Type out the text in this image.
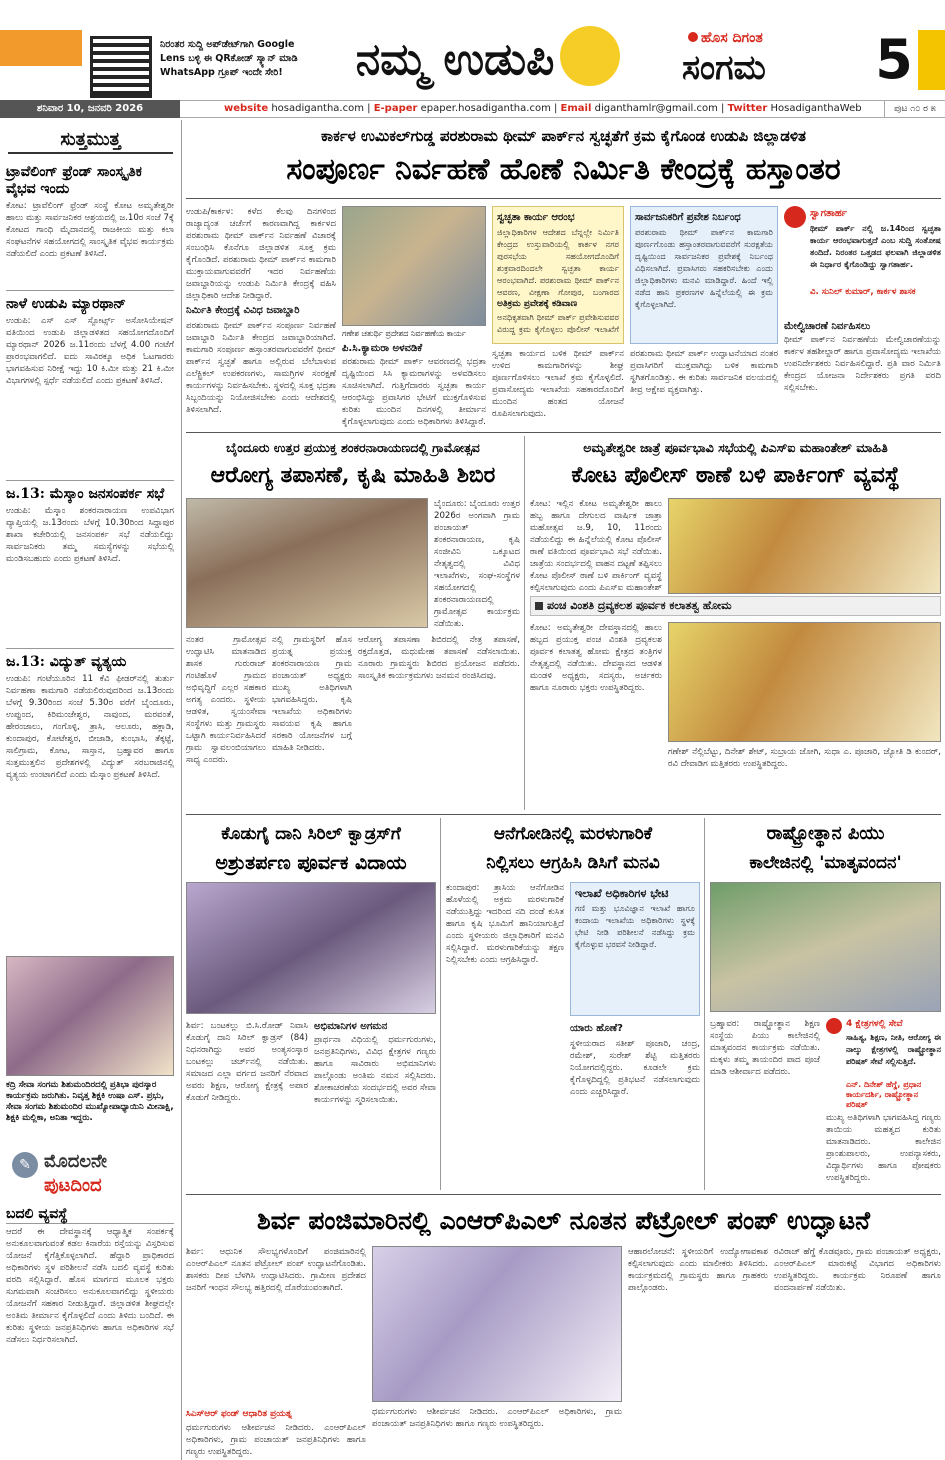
ನಿರಂತರ ಸುದ್ದಿ ಅಪ್‌ಡೇಟ್‌ಗಾಗಿ Google Lens ಬಳ್ಳಿ ಈ QRಕೋಡ್ ಸ್ಕ್ಯಾನ್ ಮಾಡಿ WhatsApp ಗ್ರೂಪ್ ಇಂದೇ ಸೇರಿ!	ನಮ್ಮ ಉಡುಪಿ	ಹೊಸ ದಿಗಂತ
ಸಂಗಮ 5
ಶನಿವಾರ 10, ಜನವರಿ 2026	website hosadigantha.com | E-paper epaper.hosadigantha.com | Email diganthamlr@gmail.com | Twitter HosadiganthaWeb	ಪುಟ ೧೦ ರ ೫
ಸುತ್ತಮುತ್ತ
ಟ್ರಾವೆಲಿಂಗ್ ಫ್ರೆಂಡ್ ಸಾಂಸ್ಕೃತಿಕ ವೈಭವ ಇಂದು
ಕೋಟ: ಟ್ರಾವೆಲಿಂಗ್ ಫ್ರೆಂಡ್ ಸಂಸ್ಥೆ ಕೋಟ ಅಮೃತೇಶ್ವರೀ ಹಾಲು ಮತ್ತು ಸಾರ್ವಜನಿಕರ ಆಶ್ರಯದಲ್ಲಿ ಜ.10ರ ಸಂಜೆ 7ಕ್ಕೆ ಕೋಟದ ಗಾಂಧಿ ಮೈದಾನದಲ್ಲಿ ರಾಜಕೀಯ ಮತ್ತು ಕಲಾ ಸಂಘಟನೆಗಳ ಸಹಯೋಗದಲ್ಲಿ ಸಾಂಸ್ಕೃತಿಕ ವೈಭವ ಕಾರ್ಯಕ್ರಮ ನಡೆಯಲಿದೆ ಎಂದು ಪ್ರಕಟಣೆ ತಿಳಿಸಿದೆ.
ನಾಳೆ ಉಡುಪಿ ಮ್ಯಾರಥಾನ್
ಉಡುಪಿ: ಎಸ್ ಎಸ್ ಸ್ಪೋರ್ಟ್ಸ್ ಅಸೋಸಿಯೇಷನ್ ವತಿಯಿಂದ ಉಡುಪಿ ಜಿಲ್ಲಾಡಳಿತದ ಸಹಯೋಗದೊಂದಿಗೆ ಮ್ಯಾರಥಾನ್ 2026 ಜ.11ರಂದು ಬೆಳಗ್ಗೆ 4.00 ಗಂಟೆಗೆ ಪ್ರಾರಂಭವಾಗಲಿದೆ. ಐದು ಸಾವಿರಕ್ಕೂ ಅಧಿಕ ಓಟಗಾರರು ಭಾಗವಹಿಸುವ ನಿರೀಕ್ಷೆ ಇದ್ದು 10 ಕಿ.ಮೀ ಮತ್ತು 21 ಕಿ.ಮೀ ವಿಭಾಗಗಳಲ್ಲಿ ಸ್ಪರ್ಧೆ ನಡೆಯಲಿದೆ ಎಂದು ಪ್ರಕಟಣೆ ತಿಳಿಸಿದೆ.
ಜ.13: ಮೆಸ್ಕಾಂ ಜನಸಂಪರ್ಕ ಸಭೆ
ಉಡುಪಿ: ಮೆಸ್ಕಾಂ ಶಂಕರನಾರಾಯಣ ಉಪವಿಭಾಗ ವ್ಯಾಪ್ತಿಯಲ್ಲಿ ಜ.13ರಂದು ಬೆಳಗ್ಗೆ 10.30ರಿಂದ ಸಿದ್ದಾಪುರ ಶಾಖಾ ಕಚೇರಿಯಲ್ಲಿ ಜನಸಂಪರ್ಕ ಸಭೆ ನಡೆಯಲಿದ್ದು ಸಾರ್ವಜನಿಕರು ತಮ್ಮ ಸಮಸ್ಯೆಗಳನ್ನು ಸಭೆಯಲ್ಲಿ ಮಂಡಿಸಬಹುದು ಎಂದು ಪ್ರಕಟಣೆ ತಿಳಿಸಿದೆ.
ಜ.13: ವಿದ್ಯುತ್ ವ್ಯತ್ಯಯ
ಉಡುಪಿ: ಗಂಟೆಯೂರಿನ 11 ಕೆವಿ ಫೀಡರ್‌ನಲ್ಲಿ ತುರ್ತು ನಿರ್ವಹಣಾ ಕಾಮಗಾರಿ ನಡೆಯಲಿರುವುದರಿಂದ ಜ.13ರಂದು ಬೆಳಗ್ಗೆ 9.30ರಿಂದ ಸಂಜೆ 5.30ರ ವರೆಗೆ ಬೈಂದೂರು, ಉಪ್ಪುಂದ, ಕಿರಿಮಂಜೇಶ್ವರ, ನಾವುಂದ, ಮರವಂತೆ, ಹೇರಂಜಾಲು, ಗಂಗೊಳ್ಳಿ, ತ್ರಾಸಿ, ಆಲೂರು, ಹಕ್ಲಾಡಿ, ಕುಂದಾಪುರ, ಕೋಟೇಶ್ವರ, ಬೀಜಾಡಿ, ಕುಂಭಾಸಿ, ತೆಕ್ಕಟ್ಟೆ, ಸಾಲಿಗ್ರಾಮ, ಕೋಟ, ಸಾಸ್ತಾನ, ಬ್ರಹ್ಮಾವರ ಹಾಗೂ ಸುತ್ತಮುತ್ತಲಿನ ಪ್ರದೇಶಗಳಲ್ಲಿ ವಿದ್ಯುತ್ ಸರಬರಾಜಿನಲ್ಲಿ ವ್ಯತ್ಯಯ ಉಂಟಾಗಲಿದೆ ಎಂದು ಮೆಸ್ಕಾಂ ಪ್ರಕಟಣೆ ತಿಳಿಸಿದೆ.
ಕದ್ರಿ ಸೇವಾ ಸಂಗಮ ಶಿಶುಮಂದಿರದಲ್ಲಿ ಪ್ರತಿಭಾ ಪುರಸ್ಕಾರ ಕಾರ್ಯಕ್ರಮ ಜರುಗಿತು. ನಿವೃತ್ತ ಶಿಕ್ಷಕಿ ಉಷಾ ಎಸ್. ಪ್ರಭು, ಸೇವಾ ಸಂಗಮ ಶಿಶುಮಂದಿರ ಮುಖ್ಯೋಪಾಧ್ಯಾಯಿನಿ ಮೀನಾಕ್ಷಿ, ಶಿಕ್ಷಕಿ ಮಲ್ಲಿಕಾ, ಅನಿತಾ ಇದ್ದರು.
✎ ಮೊದಲನೇ
ಪುಟದಿಂದ
ಬದಲಿ ವ್ಯವಸ್ಥೆ
ಆದರೆ ಈ ದೇವಸ್ಥಾನಕ್ಕೆ ಆಧ್ಯಾತ್ಮಿಕ ಸಂಪರ್ಕಕ್ಕೆ ಅನುಕೂಲವಾಗುವಂತೆ ಕಡಲ ಕಿನಾರೆಯ ರಸ್ತೆಯನ್ನು ವಿಸ್ತರಿಸುವ ಯೋಜನೆ ಕೈಗೆತ್ತಿಕೊಳ್ಳಲಾಗಿದೆ. ಹೆದ್ದಾರಿ ಪ್ರಾಧಿಕಾರದ ಅಧಿಕಾರಿಗಳು ಸ್ಥಳ ಪರಿಶೀಲನೆ ನಡೆಸಿ ಬದಲಿ ವ್ಯವಸ್ಥೆ ಕುರಿತು ವರದಿ ಸಲ್ಲಿಸಿದ್ದಾರೆ. ಹೊಸ ಮಾರ್ಗದ ಮೂಲಕ ಭಕ್ತರು ಸುಗಮವಾಗಿ ಸಂಚರಿಸಲು ಅನುಕೂಲವಾಗಲಿದ್ದು ಸ್ಥಳೀಯರು ಯೋಜನೆಗೆ ಸಹಕಾರ ನೀಡುತ್ತಿದ್ದಾರೆ. ಜಿಲ್ಲಾಡಳಿತ ಶೀಘ್ರದಲ್ಲೇ ಅಂತಿಮ ತೀರ್ಮಾನ ಕೈಗೊಳ್ಳಲಿದೆ ಎಂದು ತಿಳಿದು ಬಂದಿದೆ. ಈ ಕುರಿತು ಸ್ಥಳೀಯ ಜನಪ್ರತಿನಿಧಿಗಳು ಹಾಗೂ ಅಧಿಕಾರಿಗಳ ಸಭೆ ನಡೆಸಲು ನಿರ್ಧರಿಸಲಾಗಿದೆ.
ಕಾರ್ಕಳ ಉಮಿಕಲ್‌ಗುಡ್ಡ ಪರಶುರಾಮ ಥೀಮ್ ಪಾರ್ಕ್‌ನ ಸ್ವಚ್ಛತೆಗೆ ಕ್ರಮ ಕೈಗೊಂಡ ಉಡುಪಿ ಜಿಲ್ಲಾಡಳಿತ
ಸಂಪೂರ್ಣ ನಿರ್ವಹಣೆ ಹೊಣೆ ನಿರ್ಮಿತಿ ಕೇಂದ್ರಕ್ಕೆ ಹಸ್ತಾಂತರ
ಉಡುಪಿ/ಕಾರ್ಕಳ: ಕಳೆದ ಕೆಲವು ದಿನಗಳಿಂದ ರಾಜ್ಯಾದ್ಯಂತ ಚರ್ಚೆಗೆ ಕಾರಣವಾಗಿದ್ದ ಕಾರ್ಕಳದ ಪರಶುರಾಮ ಥೀಮ್ ಪಾರ್ಕ್‌ನ ನಿರ್ವಹಣೆ ವಿಚಾರಕ್ಕೆ ಸಂಬಂಧಿಸಿ ಕೊನೆಗೂ ಜಿಲ್ಲಾಡಳಿತ ಸೂಕ್ತ ಕ್ರಮ ಕೈಗೊಂಡಿದೆ. ಪರಶುರಾಮ ಥೀಮ್ ಪಾರ್ಕ್‌ನ ಕಾಮಗಾರಿ ಮುಕ್ತಾಯವಾಗುವವರೆಗೆ ಇದರ ನಿರ್ವಹಣೆಯ ಜವಾಬ್ದಾರಿಯನ್ನು ಉಡುಪಿ ನಿರ್ಮಿತಿ ಕೇಂದ್ರಕ್ಕೆ ವಹಿಸಿ ಜಿಲ್ಲಾಧಿಕಾರಿ ಆದೇಶ ನೀಡಿದ್ದಾರೆ.
ನಿರ್ಮಿತಿ ಕೇಂದ್ರಕ್ಕೆ ವಿವಿಧ ಜವಾಬ್ದಾರಿ
ಪರಶುರಾಮ ಥೀಮ್ ಪಾರ್ಕ್‌ನ ಸಂಪೂರ್ಣ ನಿರ್ವಹಣೆ ಜವಾಬ್ದಾರಿ ನಿರ್ಮಿತಿ ಕೇಂದ್ರದ ಜವಾಬ್ದಾರಿಯಾಗಿದೆ. ಕಾಮಗಾರಿ ಸಂಪೂರ್ಣ ಹಸ್ತಾಂತರವಾಗುವವರೆಗೆ ಥೀಮ್ ಪಾರ್ಕ್‌ನ ಸ್ವಚ್ಛತೆ ಹಾಗೂ ಅಲ್ಲಿರುವ ಬೆಲೆಬಾಳುವ ಎಲೆಕ್ಟ್ರಿಕಲ್ ಉಪಕರಣಗಳು, ಸಾಮಗ್ರಿಗಳ ಸಂರಕ್ಷಣೆ ಕಾರ್ಯಗಳನ್ನು ನಿರ್ವಹಿಸಬೇಕು. ಸ್ಥಳದಲ್ಲಿ ಸೂಕ್ತ ಭದ್ರತಾ ಸಿಬ್ಬಂದಿಯನ್ನು ನಿಯೋಜಿಸಬೇಕು ಎಂದು ಆದೇಶದಲ್ಲಿ ತಿಳಿಸಲಾಗಿದೆ.
ಗಣೇಶ ಚತುರ್ಥಿ ಪ್ರದೇಶದ ನಿರ್ವಹಣೆಯ ಕಾರ್ಯ
ಪಿ.ಸಿ.ಕ್ಯಾಮರಾ ಅಳವಡಿಕೆ
ಪರಶುರಾಮ ಥೀಮ್ ಪಾರ್ಕ್ ಆವರಣದಲ್ಲಿ ಭದ್ರತಾ ದೃಷ್ಟಿಯಿಂದ ಸಿಸಿ ಕ್ಯಾಮರಾಗಳನ್ನು ಅಳವಡಿಸಲು ಸೂಚಿಸಲಾಗಿದೆ. ಗುತ್ತಿಗೆದಾರರು ಸ್ವಚ್ಛತಾ ಕಾರ್ಯ ಆರಂಭಿಸಿದ್ದು ಪ್ರವಾಸಿಗರ ಭೇಟಿಗೆ ಮುಕ್ತಗೊಳಿಸುವ ಕುರಿತು ಮುಂದಿನ ದಿನಗಳಲ್ಲಿ ತೀರ್ಮಾನ ಕೈಗೊಳ್ಳಲಾಗುವುದು ಎಂದು ಅಧಿಕಾರಿಗಳು ತಿಳಿಸಿದ್ದಾರೆ.
ಸ್ವಚ್ಛತಾ ಕಾರ್ಯ ಆರಂಭ
ಜಿಲ್ಲಾಧಿಕಾರಿಗಳ ಆದೇಶದ ಬೆನ್ನಲ್ಲೇ ನಿರ್ಮಿತಿ ಕೇಂದ್ರದ ಉಸ್ತುವಾರಿಯಲ್ಲಿ ಕಾರ್ಕಳ ನಗರ ಪುರಸಭೆಯ ಸಹಯೋಗದೊಂದಿಗೆ ಶುಕ್ರವಾರದಿಂದಲೇ ಸ್ವಚ್ಛತಾ ಕಾರ್ಯ ಆರಂಭವಾಗಿದೆ. ಪರಶುರಾಮ ಥೀಮ್ ಪಾರ್ಕ್‌ನ ಆವರಣ, ವೀಕ್ಷಣಾ ಗೋಪುರ, ಬಂಗಾರದ
ಅತಿಕ್ರಮ ಪ್ರವೇಶಕ್ಕೆ ಕಡಿವಾಣ
ಅನಧಿಕೃತವಾಗಿ ಥೀಮ್ ಪಾರ್ಕ್ ಪ್ರವೇಶಿಸುವವರ ವಿರುದ್ಧ ಕ್ರಮ ಕೈಗೊಳ್ಳಲು ಪೊಲೀಸ್ ಇಲಾಖೆಗೆ
ಸ್ವಚ್ಛತಾ ಕಾರ್ಯದ ಬಳಿಕ ಥೀಮ್ ಪಾರ್ಕ್‌ನ ಉಳಿದ ಕಾಮಗಾರಿಗಳನ್ನು ಶೀಘ್ರ ಪೂರ್ಣಗೊಳಿಸಲು ಇಲಾಖೆ ಕ್ರಮ ಕೈಗೊಳ್ಳಲಿದೆ. ಪ್ರವಾಸೋದ್ಯಮ ಇಲಾಖೆಯ ಸಹಕಾರದೊಂದಿಗೆ ಮುಂದಿನ ಹಂತದ ಯೋಜನೆ ರೂಪಿಸಲಾಗುವುದು.
ಸಾರ್ವಜನಿಕರಿಗೆ ಪ್ರವೇಶ ನಿರ್ಬಂಧ
ಪರಶುರಾಮ ಥೀಮ್ ಪಾರ್ಕ್‌ನ ಕಾಮಗಾರಿ ಪೂರ್ಣಗೊಂಡು ಹಸ್ತಾಂತರವಾಗುವವರೆಗೆ ಸುರಕ್ಷತೆಯ ದೃಷ್ಟಿಯಿಂದ ಸಾರ್ವಜನಿಕರ ಪ್ರವೇಶಕ್ಕೆ ನಿರ್ಬಂಧ ವಿಧಿಸಲಾಗಿದೆ. ಪ್ರವಾಸಿಗರು ಸಹಕರಿಸಬೇಕು ಎಂದು ಜಿಲ್ಲಾಧಿಕಾರಿಗಳು ಮನವಿ ಮಾಡಿದ್ದಾರೆ. ಹಿಂದೆ ಇಲ್ಲಿ ನಡೆದ ಹಾನಿ ಪ್ರಕರಣಗಳ ಹಿನ್ನೆಲೆಯಲ್ಲಿ ಈ ಕ್ರಮ ಕೈಗೊಳ್ಳಲಾಗಿದೆ.
ಪರಶುರಾಮ ಥೀಮ್ ಪಾರ್ಕ್ ಉದ್ಘಾಟನೆಯಾದ ನಂತರ ಪ್ರವಾಸಿಗರಿಗೆ ಮುಕ್ತವಾಗಿದ್ದು ಬಳಿಕ ಕಾಮಗಾರಿ ಸ್ಥಗಿತಗೊಂಡಿತ್ತು. ಈ ಕುರಿತು ಸಾರ್ವಜನಿಕ ವಲಯದಲ್ಲಿ ತೀವ್ರ ಆಕ್ಷೇಪ ವ್ಯಕ್ತವಾಗಿತ್ತು.
ಸ್ವಾಗತಾರ್ಹ
ಥೀಮ್ ಪಾರ್ಕ್ ನಲ್ಲಿ ಜ.14ರಿಂದ ಸ್ವಚ್ಛತಾ ಕಾರ್ಯ ಆರಂಭವಾಗುತ್ತದೆ ಎಂಬ ಸುದ್ದಿ ಸಂತೋಷ ತಂದಿದೆ. ನಿರಂತರ ಒತ್ತಡದ ಫಲವಾಗಿ ಜಿಲ್ಲಾಡಳಿತ ಈ ನಿರ್ಧಾರ ಕೈಗೊಂಡಿದ್ದು ಸ್ವಾಗತಾರ್ಹ.
ವಿ. ಸುನಿಲ್ ಕುಮಾರ್, ಕಾರ್ಕಳ ಶಾಸಕ
ಮೇಲ್ವಿಚಾರಣೆ ನಿರ್ವಹಿಸಲು
ಥೀಮ್ ಪಾರ್ಕ್‌ನ ನಿರ್ವಹಣೆಯ ಮೇಲ್ವಿಚಾರಣೆಯನ್ನು ಕಾರ್ಕಳ ತಹಶೀಲ್ದಾರ್ ಹಾಗೂ ಪ್ರವಾಸೋದ್ಯಮ ಇಲಾಖೆಯ ಉಪನಿರ್ದೇಶಕರು ನಿರ್ವಹಿಸಲಿದ್ದಾರೆ. ಪ್ರತಿ ವಾರ ನಿರ್ಮಿತಿ ಕೇಂದ್ರದ ಯೋಜನಾ ನಿರ್ದೇಶಕರು ಪ್ರಗತಿ ವರದಿ ಸಲ್ಲಿಸಬೇಕು.
ಬೈಂದೂರು ಉತ್ತರ ಪ್ರಯುಕ್ತ ಶಂಕರನಾರಾಯಣದಲ್ಲಿ ಗ್ರಾಮೋತ್ಸವ
ಆರೋಗ್ಯ ತಪಾಸಣೆ, ಕೃಷಿ ಮಾಹಿತಿ ಶಿಬಿರ
ಬೈಂದೂರು: ಬೈಂದೂರು ಉತ್ತರ 2026ರ ಅಂಗವಾಗಿ ಗ್ರಾಮ ಪಂಚಾಯತ್ ಶಂಕರನಾರಾಯಣ, ಕೃಷಿ ಸಂಜೀವಿನಿ ಒಕ್ಕೂಟದ ನೇತೃತ್ವದಲ್ಲಿ ವಿವಿಧ ಇಲಾಖೆಗಳು, ಸಂಘ-ಸಂಸ್ಥೆಗಳ ಸಹಯೋಗದಲ್ಲಿ ಶಂಕರನಾರಾಯಣದಲ್ಲಿ ಗ್ರಾಮೋತ್ಸವ ಕಾರ್ಯಕ್ರಮ ನಡೆಯಿತು.
ನಂತರ ಗ್ರಾಮೋತ್ಸವ ಉದ್ಘಾಟಿಸಿ ಮಾತನಾಡಿದ ಶಾಸಕ ಗುರುರಾಜ್ ಗಂಟಿಹೊಳೆ ಗ್ರಾಮದ ಅಭಿವೃದ್ಧಿಗೆ ಎಲ್ಲರ ಸಹಕಾರ ಅಗತ್ಯ ಎಂದರು. ಸ್ಥಳೀಯ ಆಡಳಿತ, ಸ್ವಯಂಸೇವಾ ಸಂಸ್ಥೆಗಳು ಮತ್ತು ಗ್ರಾಮಸ್ಥರು ಒಟ್ಟಾಗಿ ಕಾರ್ಯನಿರ್ವಹಿಸಿದರೆ ಗ್ರಾಮ ಸ್ವಾವಲಂಬಿಯಾಗಲು ಸಾಧ್ಯ ಎಂದರು.
ನಲ್ಲಿ ಗ್ರಾಮಸ್ಥರಿಗೆ ಹೊಸ ಪ್ರಯತ್ನ ಪ್ರಯುಕ್ತ ಶಂಕರನಾರಾಯಣ ಗ್ರಾಮ ಪಂಚಾಯತ್ ಅಧ್ಯಕ್ಷರು ಮುಖ್ಯ ಅತಿಥಿಗಳಾಗಿ ಭಾಗವಹಿಸಿದ್ದರು. ಕೃಷಿ ಇಲಾಖೆಯ ಅಧಿಕಾರಿಗಳು ಸಾವಯವ ಕೃಷಿ ಹಾಗೂ ಸರಕಾರಿ ಯೋಜನೆಗಳ ಬಗ್ಗೆ ಮಾಹಿತಿ ನೀಡಿದರು.
ಆರೋಗ್ಯ ತಪಾಸಣಾ ಶಿಬಿರದಲ್ಲಿ ನೇತ್ರ ತಪಾಸಣೆ, ರಕ್ತದೊತ್ತಡ, ಮಧುಮೇಹ ತಪಾಸಣೆ ನಡೆಸಲಾಯಿತು. ನೂರಾರು ಗ್ರಾಮಸ್ಥರು ಶಿಬಿರದ ಪ್ರಯೋಜನ ಪಡೆದರು. ಸಾಂಸ್ಕೃತಿಕ ಕಾರ್ಯಕ್ರಮಗಳು ಜನಮನ ರಂಜಿಸಿದವು.
ಅಮೃತೇಶ್ವರೀ ಜಾತ್ರೆ ಪೂರ್ವಭಾವಿ ಸಭೆಯಲ್ಲಿ ಪಿಎಸ್‌ಐ ಮಹಾಂತೇಶ್ ಮಾಹಿತಿ
ಕೋಟ ಪೊಲೀಸ್ ಠಾಣೆ ಬಳಿ ಪಾರ್ಕಿಂಗ್ ವ್ಯವಸ್ಥೆ
ಕೋಟ: ಇಲ್ಲಿನ ಕೋಟ ಅಮೃತೇಶ್ವರೀ ಹಾಲು ಹಬ್ಬ ಹಾಗೂ ದೇಗುಲದ ವಾರ್ಷಿಕ ಜಾತ್ರಾ ಮಹೋತ್ಸವ ಜ.9, 10, 11ರಂದು ನಡೆಯಲಿದ್ದು ಈ ಹಿನ್ನೆಲೆಯಲ್ಲಿ ಕೋಟ ಪೊಲೀಸ್ ಠಾಣೆ ವತಿಯಿಂದ ಪೂರ್ವಭಾವಿ ಸಭೆ ನಡೆಯಿತು. ಜಾತ್ರೆಯ ಸಂದರ್ಭದಲ್ಲಿ ವಾಹನ ದಟ್ಟಣೆ ತಪ್ಪಿಸಲು ಕೋಟ ಪೊಲೀಸ್ ಠಾಣೆ ಬಳಿ ಪಾರ್ಕಿಂಗ್ ವ್ಯವಸ್ಥೆ ಕಲ್ಪಿಸಲಾಗುವುದು ಎಂದು ಪಿಎಸ್‌ಐ ಮಹಾಂತೇಶ್
ಪಂಚ ವಿಂಶತಿ ದ್ರವ್ಯಕಲಶ ಪೂರ್ವಕ ಕಲಾತತ್ವ ಹೋಮ
ಕೋಟ: ಅಮೃತೇಶ್ವರೀ ದೇವಸ್ಥಾನದಲ್ಲಿ ಹಾಲು ಹಬ್ಬದ ಪ್ರಯುಕ್ತ ಪಂಚ ವಿಂಶತಿ ದ್ರವ್ಯಕಲಶ ಪೂರ್ವಕ ಕಲಾತತ್ವ ಹೋಮ ಕ್ಷೇತ್ರದ ತಂತ್ರಿಗಳ ನೇತೃತ್ವದಲ್ಲಿ ನಡೆಯಿತು. ದೇವಸ್ಥಾನದ ಆಡಳಿತ ಮಂಡಳಿ ಅಧ್ಯಕ್ಷರು, ಸದಸ್ಯರು, ಅರ್ಚಕರು ಹಾಗೂ ನೂರಾರು ಭಕ್ತರು ಉಪಸ್ಥಿತರಿದ್ದರು.
ಗಣೇಶ್ ನೆಲ್ಲಿಬೆಟ್ಟು, ದಿನೇಶ್ ಶೇಟ್, ಸುಬ್ರಾಯ ಜೋಗಿ, ಸುಧಾ ಎ. ಪೂಜಾರಿ, ಜ್ಯೋತಿ ಡಿ ಕುಂದರ್, ರವಿ ದೇವಾಡಿಗ ಮತ್ತಿತರರು ಉಪಸ್ಥಿತರಿದ್ದರು.
ಕೊಡುಗೈ ದಾನಿ ಸಿರಿಲ್ ಕ್ವಾಡ್ರಸ್‌ಗೆ
ಅಶ್ರುತರ್ಪಣ ಪೂರ್ವಕ ವಿದಾಯ
ಶಿರ್ವ: ಬಂಟಕಲ್ಲು ಬಿ.ಸಿ.ರೋಡ್ ನಿವಾಸಿ ಕೊಡುಗೈ ದಾನಿ ಸಿರಿಲ್ ಕ್ವಾಡ್ರಸ್ (84) ನಿಧನರಾಗಿದ್ದು ಅವರ ಅಂತ್ಯಸಂಸ್ಕಾರ ಬಂಟಕಲ್ಲು ಚರ್ಚ್‌ನಲ್ಲಿ ನಡೆಯಿತು. ಸಮಾಜದ ಎಲ್ಲಾ ವರ್ಗದ ಜನರಿಗೆ ನೆರವಾದ ಅವರು ಶಿಕ್ಷಣ, ಆರೋಗ್ಯ ಕ್ಷೇತ್ರಕ್ಕೆ ಅಪಾರ ಕೊಡುಗೆ ನೀಡಿದ್ದರು.
ಅಭಿಮಾನಿಗಳ ಅಗಮನ
ಪ್ರಾರ್ಥನಾ ವಿಧಿಯಲ್ಲಿ ಧರ್ಮಗುರುಗಳು, ಜನಪ್ರತಿನಿಧಿಗಳು, ವಿವಿಧ ಕ್ಷೇತ್ರಗಳ ಗಣ್ಯರು ಹಾಗೂ ಸಾವಿರಾರು ಅಭಿಮಾನಿಗಳು ಪಾಲ್ಗೊಂಡು ಅಂತಿಮ ನಮನ ಸಲ್ಲಿಸಿದರು. ಶೋಕಾಚರಣೆಯ ಸಂದರ್ಭದಲ್ಲಿ ಅವರ ಸೇವಾ ಕಾರ್ಯಗಳನ್ನು ಸ್ಮರಿಸಲಾಯಿತು.
ಆನೆಗೋಡಿನಲ್ಲಿ ಮರಳುಗಾರಿಕೆ
ನಿಲ್ಲಿಸಲು ಆಗ್ರಹಿಸಿ ಡಿಸಿಗೆ ಮನವಿ
ಕುಂದಾಪುರ: ತ್ರಾಸಿಯ ಆನೆಗೋಡಿನ ಹೊಳೆಯಲ್ಲಿ ಅಕ್ರಮ ಮರಳುಗಾರಿಕೆ ನಡೆಯುತ್ತಿದ್ದು ಇದರಿಂದ ನದಿ ದಂಡೆ ಕುಸಿತ ಹಾಗೂ ಕೃಷಿ ಭೂಮಿಗೆ ಹಾನಿಯಾಗುತ್ತಿದೆ ಎಂದು ಸ್ಥಳೀಯರು ಜಿಲ್ಲಾಧಿಕಾರಿಗೆ ಮನವಿ ಸಲ್ಲಿಸಿದ್ದಾರೆ. ಮರಳುಗಾರಿಕೆಯನ್ನು ತಕ್ಷಣ ನಿಲ್ಲಿಸಬೇಕು ಎಂದು ಆಗ್ರಹಿಸಿದ್ದಾರೆ.
ಇಲಾಖೆ ಅಧಿಕಾರಿಗಳ ಭೇಟಿ
ಗಣಿ ಮತ್ತು ಭೂವಿಜ್ಞಾನ ಇಲಾಖೆ ಹಾಗೂ ಕಂದಾಯ ಇಲಾಖೆಯ ಅಧಿಕಾರಿಗಳು ಸ್ಥಳಕ್ಕೆ ಭೇಟಿ ನೀಡಿ ಪರಿಶೀಲನೆ ನಡೆಸಿದ್ದು ಕ್ರಮ ಕೈಗೊಳ್ಳುವ ಭರವಸೆ ನೀಡಿದ್ದಾರೆ.
ಯಾರು ಹೊಣೆ?
ಸ್ಥಳೀಯರಾದ ಸತೀಶ್ ಪೂಜಾರಿ, ಚಂದ್ರ, ರಮೇಶ್, ಸುರೇಶ್ ಶೆಟ್ಟಿ ಮತ್ತಿತರರು ನಿಯೋಗದಲ್ಲಿದ್ದರು. ಕೂಡಲೇ ಕ್ರಮ ಕೈಗೊಳ್ಳದಿದ್ದಲ್ಲಿ ಪ್ರತಿಭಟನೆ ನಡೆಸಲಾಗುವುದು ಎಂದು ಎಚ್ಚರಿಸಿದ್ದಾರೆ.
ರಾಷ್ಟ್ರೋತ್ಥಾನ ಪಿಯು
ಕಾಲೇಜಿನಲ್ಲಿ 'ಮಾತೃವಂದನ'
ಬ್ರಹ್ಮಾವರ: ರಾಷ್ಟ್ರೋತ್ಥಾನ ಶಿಕ್ಷಣ ಸಂಸ್ಥೆಯ ಪಿಯು ಕಾಲೇಜಿನಲ್ಲಿ ಮಾತೃವಂದನ ಕಾರ್ಯಕ್ರಮ ನಡೆಯಿತು. ಮಕ್ಕಳು ತಮ್ಮ ತಾಯಂದಿರ ಪಾದ ಪೂಜೆ ಮಾಡಿ ಆಶೀರ್ವಾದ ಪಡೆದರು.
4 ಕ್ಷೇತ್ರಗಳಲ್ಲಿ ಸೇವೆ
ಸಾಹಿತ್ಯ, ಶಿಕ್ಷಣ, ನೀತಿ, ಆರೋಗ್ಯ ಈ ನಾಲ್ಕು ಕ್ಷೇತ್ರಗಳಲ್ಲಿ ರಾಷ್ಟ್ರೋತ್ಥಾನ ಪರಿಷತ್ ಸೇವೆ ಸಲ್ಲಿಸುತ್ತಿದೆ.
ಎನ್. ದಿನೇಶ್ ಹೆಗ್ಡೆ, ಪ್ರಧಾನ ಕಾರ್ಯದರ್ಶಿ, ರಾಷ್ಟ್ರೋತ್ಥಾನ ಪರಿಷತ್
ಮುಖ್ಯ ಅತಿಥಿಗಳಾಗಿ ಭಾಗವಹಿಸಿದ್ದ ಗಣ್ಯರು ತಾಯಿಯ ಮಹತ್ವದ ಕುರಿತು ಮಾತನಾಡಿದರು. ಕಾಲೇಜಿನ ಪ್ರಾಂಶುಪಾಲರು, ಉಪನ್ಯಾಸಕರು, ವಿದ್ಯಾರ್ಥಿಗಳು ಹಾಗೂ ಪೋಷಕರು ಉಪಸ್ಥಿತರಿದ್ದರು.
ಶಿರ್ವ ಪಂಜಿಮಾರಿನಲ್ಲಿ ಎಂಆರ್‌ಪಿಎಲ್ ನೂತನ ಪೆಟ್ರೋಲ್ ಪಂಪ್ ಉದ್ಘಾಟನೆ
ಶಿರ್ವ: ಆಧುನಿಕ ಸೌಲಭ್ಯಗಳೊಂದಿಗೆ ಪಂಜಿಮಾರಿನಲ್ಲಿ ಎಂಆರ್‌ಪಿಎಲ್ ನೂತನ ಪೆಟ್ರೋಲ್ ಪಂಪ್ ಉದ್ಘಾಟನೆಗೊಂಡಿತು. ಶಾಸಕರು ದೀಪ ಬೆಳಗಿಸಿ ಉದ್ಘಾಟಿಸಿದರು. ಗ್ರಾಮೀಣ ಪ್ರದೇಶದ ಜನರಿಗೆ ಇಂಧನ ಸೌಲಭ್ಯ ಹತ್ತಿರದಲ್ಲಿ ದೊರೆಯುವಂತಾಗಿದೆ.
ಸಿಎಸ್‌ಆರ್ ಫಂಡ್ ಆಧಾರಿತ ಪ್ರಯತ್ನ
ಧರ್ಮಗುರುಗಳು ಆಶೀರ್ವಚನ ನೀಡಿದರು. ಎಂಆರ್‌ಪಿಎಲ್ ಅಧಿಕಾರಿಗಳು, ಗ್ರಾಮ ಪಂಚಾಯತ್ ಜನಪ್ರತಿನಿಧಿಗಳು ಹಾಗೂ ಗಣ್ಯರು ಉಪಸ್ಥಿತರಿದ್ದರು.
ಧರ್ಮಗುರುಗಳು ಆಶೀರ್ವಚನ ನೀಡಿದರು. ಎಂಆರ್‌ಪಿಎಲ್ ಅಧಿಕಾರಿಗಳು, ಗ್ರಾಮ ಪಂಚಾಯತ್ ಜನಪ್ರತಿನಿಧಿಗಳು ಹಾಗೂ ಗಣ್ಯರು ಉಪಸ್ಥಿತರಿದ್ದರು.
ಆಹಾರಲೋಚನೆ: ಸ್ಥಳೀಯರಿಗೆ ಉದ್ಯೋಗಾವಕಾಶ ಕಲ್ಪಿಸಲಾಗುವುದು ಎಂದು ಮಾಲೀಕರು ತಿಳಿಸಿದರು. ಕಾರ್ಯಕ್ರಮದಲ್ಲಿ ಗ್ರಾಮಸ್ಥರು ಹಾಗೂ ಗ್ರಾಹಕರು ಪಾಲ್ಗೊಂಡರು.
ರವಿರಾಜ್ ಹೆಗ್ಡೆ ಕೊಡವೂರು, ಗ್ರಾಮ ಪಂಚಾಯತ್ ಅಧ್ಯಕ್ಷರು, ಎಂಆರ್‌ಪಿಎಲ್ ಮಾರುಕಟ್ಟೆ ವಿಭಾಗದ ಅಧಿಕಾರಿಗಳು ಉಪಸ್ಥಿತರಿದ್ದರು. ಕಾರ್ಯಕ್ರಮ ನಿರೂಪಣೆ ಹಾಗೂ ವಂದನಾರ್ಪಣೆ ನಡೆಯಿತು.
